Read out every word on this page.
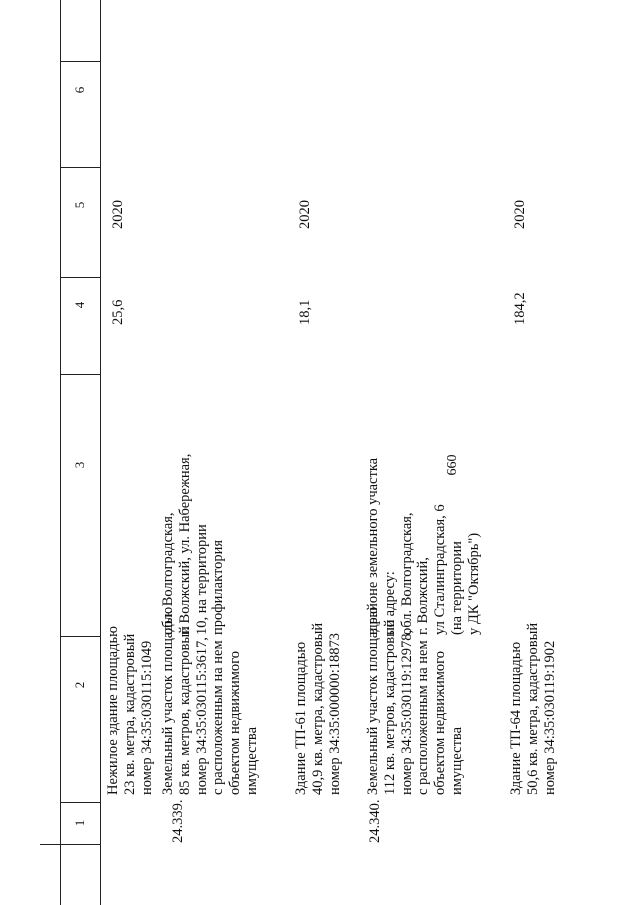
660
1
2
3
4
5
6
Нежилое здание площадью
23 кв. метра, кадастровый
номер 34:35:030115:1049
25,6
2020
24.339.
Земельный участок площадью
85 кв. метров, кадастровый
номер 34:35:030115:3617,
с расположенным на нем
объектом недвижимого
имущества
обл. Волгоградская,
г. Волжский, ул. Набережная,
10, на территории
профилактория
Здание ТП-61 площадью
40,9 кв. метра, кадастровый
номер 34:35:000000:18873
18,1
2020
24.340.
Земельный участок площадью
112 кв. метров, кадастровый
номер 34:35:030119:12978,
с расположенным на нем
объектом недвижимого
имущества
в районе земельного участка
по адресу:
обл. Волгоградская,
г. Волжский,
ул Сталинградская, 6
(на территории
у ДК "Октябрь")
Здание ТП-64 площадью
50,6 кв. метра, кадастровый
номер 34:35:030119:1902
184,2
2020
